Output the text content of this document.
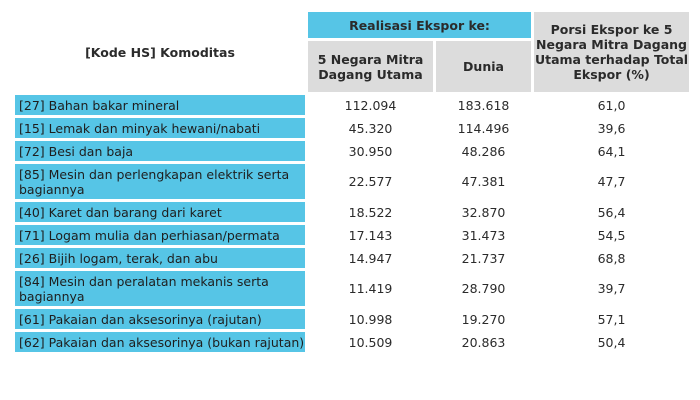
[Kode HS] Komoditas	Realisasi Ekspor ke:		Porsi Ekspor ke 5 Negara Mitra Dagang Utama terhadap Total Ekspor (%)
	5 Negara Mitra Dagang Utama	Dunia	
[27] Bahan bakar mineral	112.094	183.618	61,0
[15] Lemak dan minyak hewani/nabati	45.320	114.496	39,6
[72] Besi dan baja	30.950	48.286	64,1
[85] Mesin dan perlengkapan elektrik serta bagiannya	22.577	47.381	47,7
[40] Karet dan barang dari karet	18.522	32.870	56,4
[71] Logam mulia dan perhiasan/permata	17.143	31.473	54,5
[26] Bijih logam, terak, dan abu	14.947	21.737	68,8
[84] Mesin dan peralatan mekanis serta bagiannya	11.419	28.790	39,7
[61] Pakaian dan aksesorinya (rajutan)	10.998	19.270	57,1
[62] Pakaian dan aksesorinya (bukan rajutan)	10.509	20.863	50,4
